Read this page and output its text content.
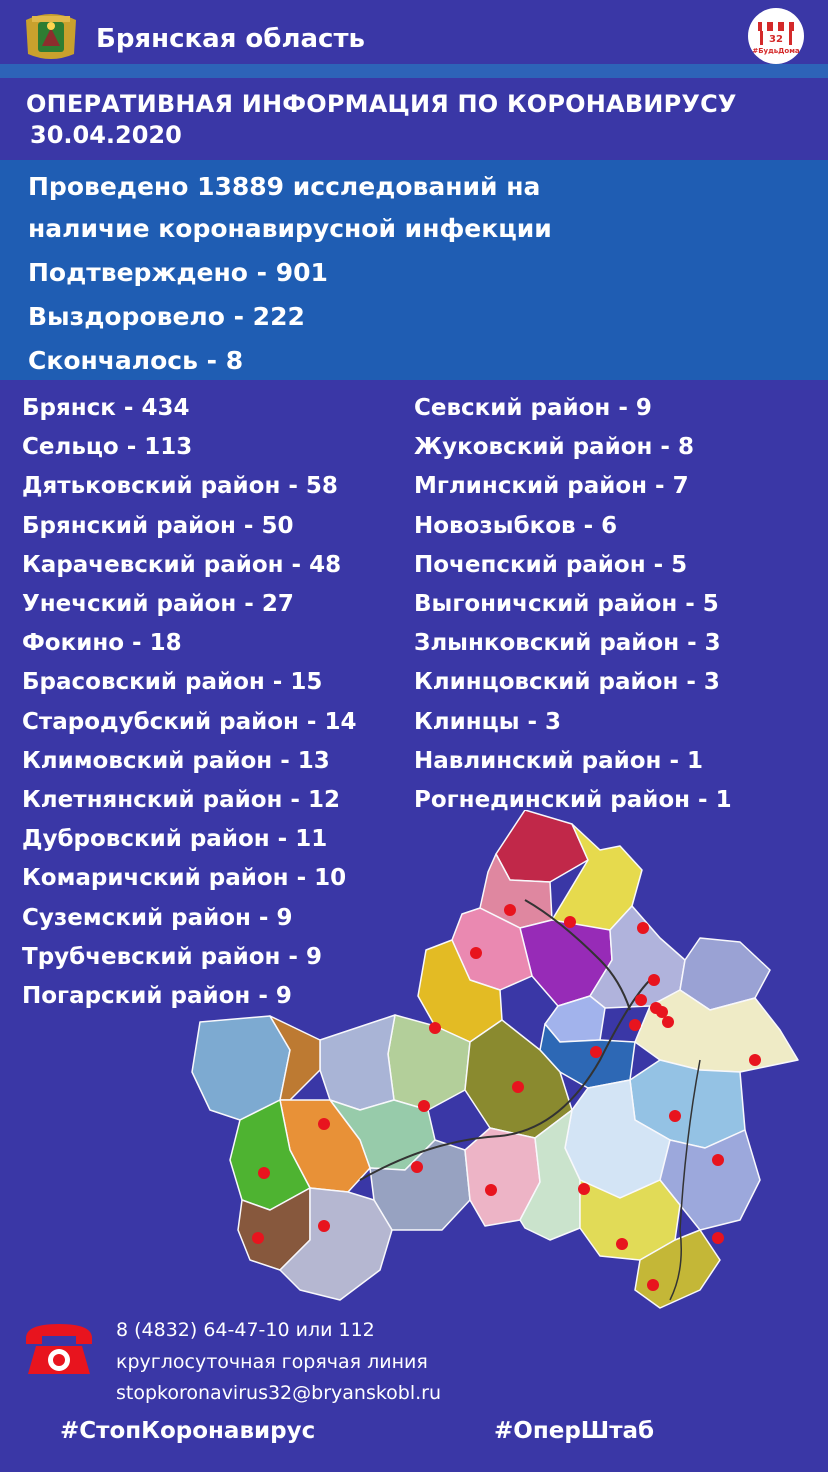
Брянская область	32
#БудьДома
ОПЕРАТИВНАЯ ИНФОРМАЦИЯ ПО КОРОНАВИРУСУ
30.04.2020
Проведено 13889 исследований на
наличие коронавирусной инфекции
Подтверждено - 901
Выздоровело - 222
Скончалось - 8
Брянск - 434
Сельцо - 113
Дятьковский район - 58
Брянский район - 50
Карачевский район - 48
Унечский район - 27
Фокино - 18
Брасовский район - 15
Стародубский район - 14
Климовский район - 13
Клетнянский район - 12
Дубровский район - 11
Комаричский район - 10
Суземский район - 9
Трубчевский район - 9
Погарский район - 9
Севский район - 9
Жуковский район - 8
Мглинский район - 7
Новозыбков - 6
Почепский район - 5
Выгоничский район - 5
Злынковский район - 3
Клинцовский район - 3
Клинцы - 3
Навлинский район - 1
Рогнединский район - 1
8 (4832) 64-47-10 или 112
круглосуточная горячая линия
stopkoronavirus32@bryanskobl.ru
#СтопКоронавирус	#ОперШтаб
